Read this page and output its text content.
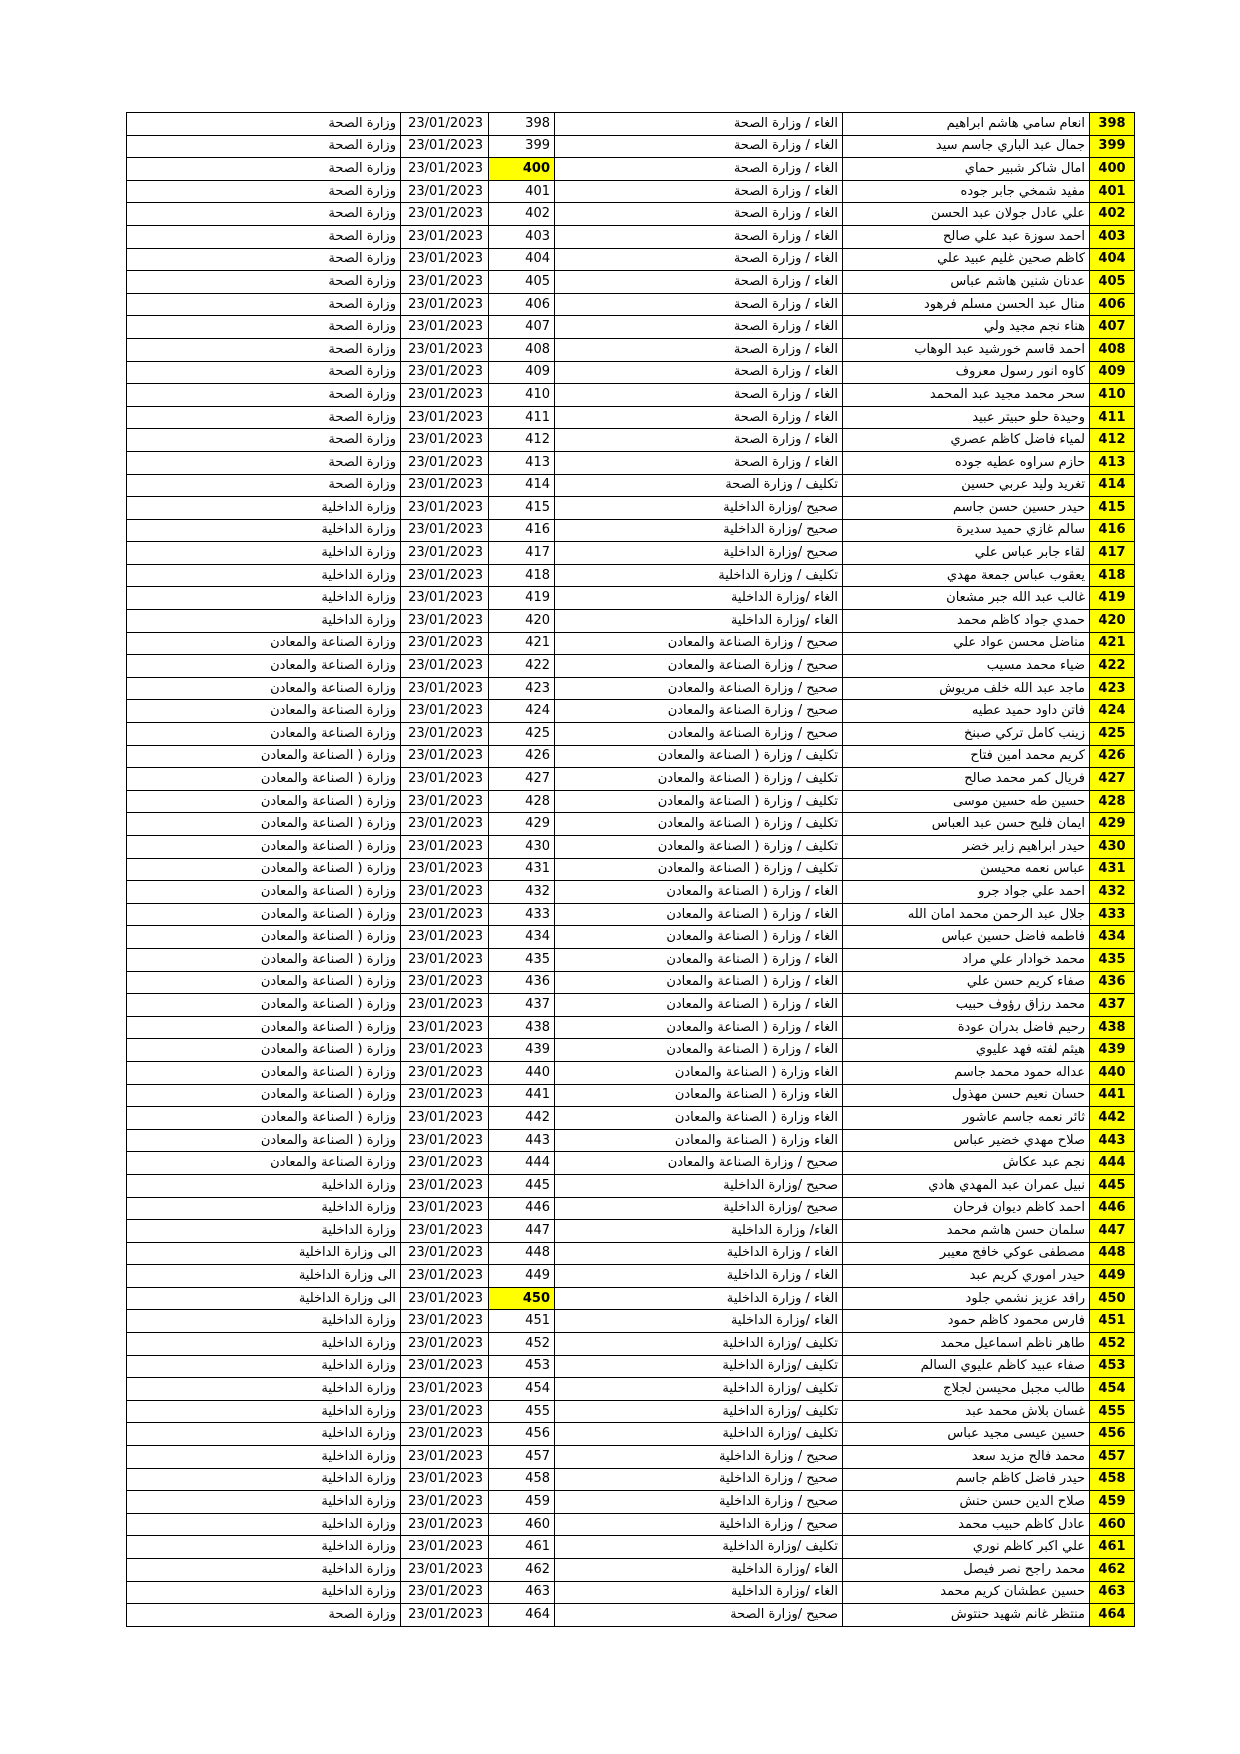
وزارة الصحة	23/01/2023	398	الغاء / وزارة الصحة	انعام سامي هاشم ابراهيم	398
وزارة الصحة	23/01/2023	399	الغاء / وزارة الصحة	جمال عبد الباري جاسم سيد	399
وزارة الصحة	23/01/2023	400	الغاء / وزارة الصحة	امال شاكر شبير حماي	400
وزارة الصحة	23/01/2023	401	الغاء / وزارة الصحة	مفيد شمخي جابر جوده	401
وزارة الصحة	23/01/2023	402	الغاء / وزارة الصحة	علي عادل جولان عبد الحسن	402
وزارة الصحة	23/01/2023	403	الغاء / وزارة الصحة	احمد سوزة عبد علي صالح	403
وزارة الصحة	23/01/2023	404	الغاء / وزارة الصحة	كاظم صحين غليم عبيد علي	404
وزارة الصحة	23/01/2023	405	الغاء / وزارة الصحة	عدنان شنين هاشم عباس	405
وزارة الصحة	23/01/2023	406	الغاء / وزارة الصحة	منال عبد الحسن مسلم فرهود	406
وزارة الصحة	23/01/2023	407	الغاء / وزارة الصحة	هناء نجم مجيد ولي	407
وزارة الصحة	23/01/2023	408	الغاء / وزارة الصحة	احمد قاسم خورشيد عبد الوهاب	408
وزارة الصحة	23/01/2023	409	الغاء / وزارة الصحة	كاوه انور رسول معروف	409
وزارة الصحة	23/01/2023	410	الغاء / وزارة الصحة	سحر محمد مجيد عبد المحمد	410
وزارة الصحة	23/01/2023	411	الغاء / وزارة الصحة	وحيدة حلو حبيتر عبيد	411
وزارة الصحة	23/01/2023	412	الغاء / وزارة الصحة	لمياء فاضل كاظم عصري	412
وزارة الصحة	23/01/2023	413	الغاء / وزارة الصحة	حازم سراوه عطيه جوده	413
وزارة الصحة	23/01/2023	414	تكليف / وزارة الصحة	تغريد وليد عربي حسين	414
وزارة الداخلية	23/01/2023	415	صحيح /وزارة الداخلية	حيدر حسين حسن جاسم	415
وزارة الداخلية	23/01/2023	416	صحيح /وزارة الداخلية	سالم غازي حميد سديرة	416
وزارة الداخلية	23/01/2023	417	صحيح /وزارة الداخلية	لقاء جابر عباس علي	417
وزارة الداخلية	23/01/2023	418	تكليف / وزارة الداخلية	يعقوب عباس جمعة مهدي	418
وزارة الداخلية	23/01/2023	419	الغاء /وزارة الداخلية	غالب عبد الله جبر مشعان	419
وزارة الداخلية	23/01/2023	420	الغاء /وزارة الداخلية	حمدي جواد كاظم محمد	420
وزارة الصناعة والمعادن	23/01/2023	421	صحيح / وزارة الصناعة والمعادن	مناضل محسن عواد علي	421
وزارة الصناعة والمعادن	23/01/2023	422	صحيح / وزارة الصناعة والمعادن	ضياء محمد مسيب	422
وزارة الصناعة والمعادن	23/01/2023	423	صحيح / وزارة الصناعة والمعادن	ماجد عبد الله خلف مريوش	423
وزارة الصناعة والمعادن	23/01/2023	424	صحيح / وزارة الصناعة والمعادن	فاتن داود حميد عطيه	424
وزارة الصناعة والمعادن	23/01/2023	425	صحيح / وزارة الصناعة والمعادن	زينب كامل تركي صبنخ	425
وزارة ( الصناعة والمعادن	23/01/2023	426	تكليف / وزارة ( الصناعة والمعادن	كريم محمد امين فتاح	426
وزارة ( الصناعة والمعادن	23/01/2023	427	تكليف / وزارة ( الصناعة والمعادن	فريال كمر محمد صالح	427
وزارة ( الصناعة والمعادن	23/01/2023	428	تكليف / وزارة ( الصناعة والمعادن	حسين طه حسين موسى	428
وزارة ( الصناعة والمعادن	23/01/2023	429	تكليف / وزارة ( الصناعة والمعادن	ايمان فليح حسن عبد العباس	429
وزارة ( الصناعة والمعادن	23/01/2023	430	تكليف / وزارة ( الصناعة والمعادن	حيدر ابراهيم زاير خضر	430
وزارة ( الصناعة والمعادن	23/01/2023	431	تكليف / وزارة ( الصناعة والمعادن	عباس نعمه محيسن	431
وزارة ( الصناعة والمعادن	23/01/2023	432	الغاء / وزارة ( الصناعة والمعادن	احمد علي جواد جرو	432
وزارة ( الصناعة والمعادن	23/01/2023	433	الغاء / وزارة ( الصناعة والمعادن	جلال عبد الرحمن محمد امان الله	433
وزارة ( الصناعة والمعادن	23/01/2023	434	الغاء / وزارة ( الصناعة والمعادن	فاطمه فاضل حسين عباس	434
وزارة ( الصناعة والمعادن	23/01/2023	435	الغاء / وزارة ( الصناعة والمعادن	محمد خوادار علي مراد	435
وزارة ( الصناعة والمعادن	23/01/2023	436	الغاء / وزارة ( الصناعة والمعادن	صفاء كريم حسن علي	436
وزارة ( الصناعة والمعادن	23/01/2023	437	الغاء / وزارة ( الصناعة والمعادن	محمد رزاق رؤوف حبيب	437
وزارة ( الصناعة والمعادن	23/01/2023	438	الغاء / وزارة ( الصناعة والمعادن	رحيم فاضل بدران عودة	438
وزارة ( الصناعة والمعادن	23/01/2023	439	الغاء / وزارة ( الصناعة والمعادن	هيثم لفته فهد عليوي	439
وزارة ( الصناعة والمعادن	23/01/2023	440	الغاء وزارة ( الصناعة والمعادن	عداله حمود محمد جاسم	440
وزارة ( الصناعة والمعادن	23/01/2023	441	الغاء وزارة ( الصناعة والمعادن	حسان نعيم حسن مهذول	441
وزارة ( الصناعة والمعادن	23/01/2023	442	الغاء وزارة ( الصناعة والمعادن	ثائر نعمه جاسم عاشور	442
وزارة ( الصناعة والمعادن	23/01/2023	443	الغاء وزارة ( الصناعة والمعادن	صلاح مهدي خضير عباس	443
وزارة الصناعة والمعادن	23/01/2023	444	صحيح / وزارة الصناعة والمعادن	نجم عبد عكاش	444
وزارة الداخلية	23/01/2023	445	صحيح /وزارة الداخلية	نبيل عمران عبد المهدي هادي	445
وزارة الداخلية	23/01/2023	446	صحيح /وزارة الداخلية	احمد كاظم ديوان فرحان	446
وزارة الداخلية	23/01/2023	447	الغاء/ وزارة الداخلية	سلمان حسن هاشم محمد	447
الى وزارة الداخلية	23/01/2023	448	الغاء / وزارة الداخلية	مصطفى عوكي خافج معيبر	448
الى وزارة الداخلية	23/01/2023	449	الغاء / وزارة الداخلية	حيدر اموري كريم عبد	449
الى وزارة الداخلية	23/01/2023	450	الغاء / وزارة الداخلية	رافد عزيز نشمي جلود	450
وزارة الداخلية	23/01/2023	451	الغاء /وزارة الداخلية	فارس محمود كاظم حمود	451
وزارة الداخلية	23/01/2023	452	تكليف /وزارة الداخلية	طاهر ناظم اسماعيل محمد	452
وزارة الداخلية	23/01/2023	453	تكليف /وزارة الداخلية	صفاء عبيد كاظم عليوي السالم	453
وزارة الداخلية	23/01/2023	454	تكليف /وزارة الداخلية	طالب مجبل محيسن لجلاج	454
وزارة الداخلية	23/01/2023	455	تكليف /وزارة الداخلية	غسان بلاش محمد عبد	455
وزارة الداخلية	23/01/2023	456	تكليف /وزارة الداخلية	حسين عيسى مجيد عباس	456
وزارة الداخلية	23/01/2023	457	صحيح / وزارة الداخلية	محمد فالح مزيد سعد	457
وزارة الداخلية	23/01/2023	458	صحيح / وزارة الداخلية	حيدر فاضل كاظم جاسم	458
وزارة الداخلية	23/01/2023	459	صحيح / وزارة الداخلية	صلاح الدين حسن حنش	459
وزارة الداخلية	23/01/2023	460	صحيح / وزارة الداخلية	عادل كاظم حبيب محمد	460
وزارة الداخلية	23/01/2023	461	تكليف /وزارة الداخلية	علي اكبر كاظم نوري	461
وزارة الداخلية	23/01/2023	462	الغاء /وزارة الداخلية	محمد راجح نصر فيصل	462
وزارة الداخلية	23/01/2023	463	الغاء /وزارة الداخلية	حسين عطشان كريم محمد	463
وزارة الصحة	23/01/2023	464	صحيح /وزارة الصحة	منتظر غانم شهيد حنتوش	464
